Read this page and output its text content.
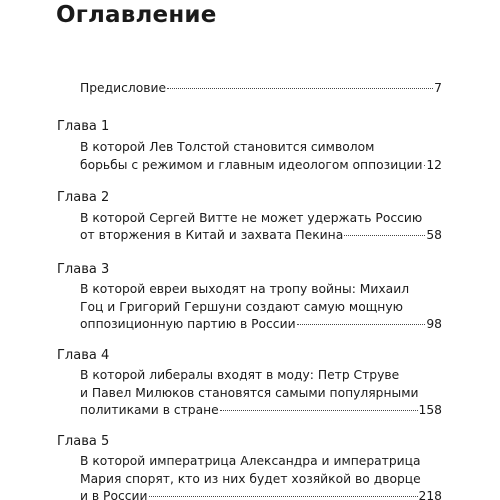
Оглавление
Предисловие	7
Глава 1
В которой Лев Толстой становится символом
борьбы с режимом и главным идеологом оппозиции 12
Глава 2
В которой Сергей Витте не может удержать Россию
от вторжения в Китай и захвата Пекина	58
Глава 3
В которой евреи выходят на тропу войны: Михаил
Гоц и Григорий Гершуни создают самую мощную
оппозиционную партию в России	98
Глава 4
В которой либералы входят в моду: Петр Струве
и Павел Милюков становятся самыми популярными
политиками в стране	158
Глава 5
В которой императрица Александра и императрица
Мария спорят, кто из них будет хозяйкой во дворце
и в России	218
